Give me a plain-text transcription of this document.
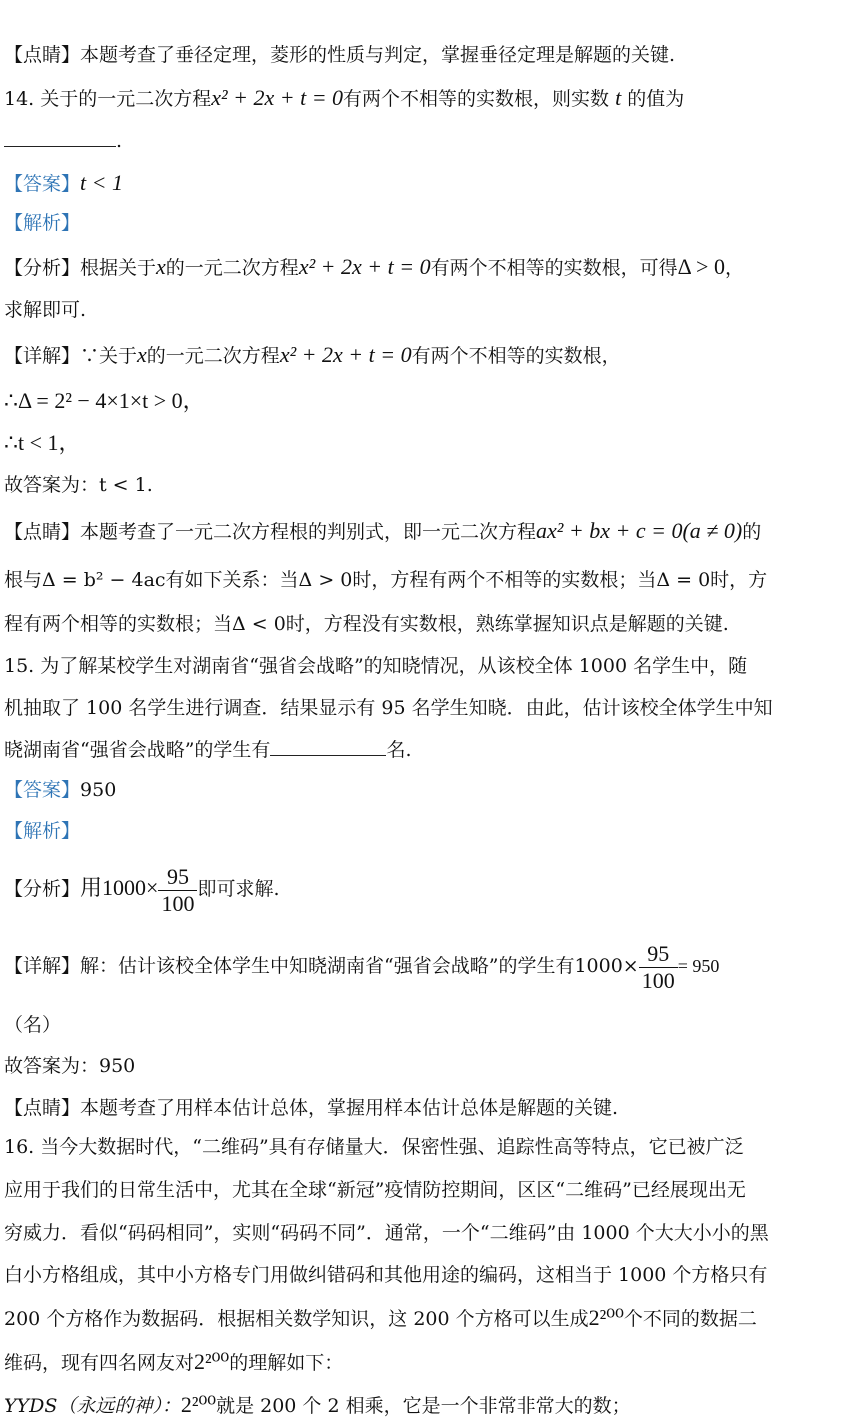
【点睛】本题考查了垂径定理，菱形的性质与判定，掌握垂径定理是解题的关键.
14. 关于的一元二次方程x² + 2x + t = 0有两个不相等的实数根，则实数 t 的值为
.
【答案】t < 1
【解析】
【分析】根据关于x的一元二次方程x² + 2x + t = 0有两个不相等的实数根，可得Δ > 0，
求解即可.
【详解】∵关于x的一元二次方程x² + 2x + t = 0有两个不相等的实数根，
∴Δ = 2² − 4×1×t > 0，
∴t < 1，
故答案为：t < 1.
【点睛】本题考查了一元二次方程根的判别式，即一元二次方程ax² + bx + c = 0(a ≠ 0)的
根与Δ = b² − 4ac有如下关系：当Δ > 0时，方程有两个不相等的实数根；当Δ = 0时，方
程有两个相等的实数根；当Δ < 0时，方程没有实数根，熟练掌握知识点是解题的关键.
15. 为了解某校学生对湖南省“强省会战略”的知晓情况，从该校全体 1000 名学生中，随
机抽取了 100 名学生进行调查．结果显示有 95 名学生知晓．由此，估计该校全体学生中知
晓湖南省“强省会战略”的学生有	名.
【答案】950
【解析】
【分析】用$1000\times \frac{95}{100}$ 即可求解.
【详解】解：估计该校全体学生中知晓湖南省“强省会战略”的学生有$1000\times \frac{95}{100} = 950$
（名）
故答案为：950
【点睛】本题考查了用样本估计总体，掌握用样本估计总体是解题的关键.
16. 当今大数据时代，“二维码”具有存储量大．保密性强、追踪性高等特点，它已被广泛
应用于我们的日常生活中，尤其在全球“新冠”疫情防控期间，区区“二维码”已经展现出无
穷威力．看似“码码相同”，实则“码码不同”．通常，一个“二维码”由 1000 个大大小小的黑
白小方格组成，其中小方格专门用做纠错码和其他用途的编码，这相当于 1000 个方格只有
200 个方格作为数据码．根据相关数学知识，这 200 个方格可以生成2²⁰⁰个不同的数据二
维码，现有四名网友对2²⁰⁰的理解如下：
YYDS（永远的神）：2²⁰⁰就是 200 个 2 相乘，它是一个非常非常大的数；
